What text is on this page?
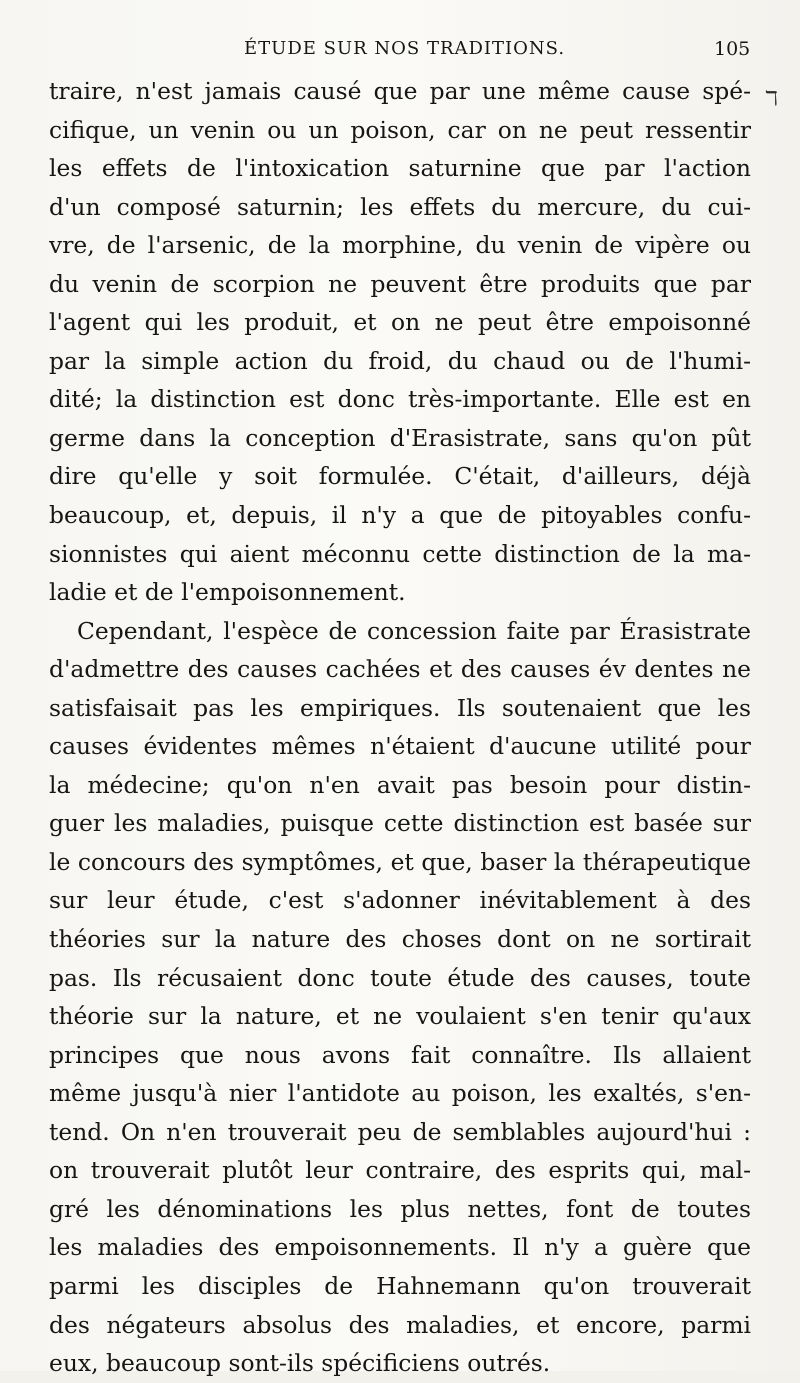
ÉTUDE SUR NOS TRADITIONS.	105
ℸ
traire, n'est jamais causé que par une même cause spé-
cifique, un venin ou un poison, car on ne peut ressentir
les effets de l'intoxication saturnine que par l'action
d'un composé saturnin; les effets du mercure, du cui-
vre, de l'arsenic, de la morphine, du venin de vipère ou
du venin de scorpion ne peuvent être produits que par
l'agent qui les produit, et on ne peut être empoisonné
par la simple action du froid, du chaud ou de l'humi-
dité; la distinction est donc très-importante. Elle est en
germe dans la conception d'Erasistrate, sans qu'on pût
dire qu'elle y soit formulée. C'était, d'ailleurs, déjà
beaucoup, et, depuis, il n'y a que de pitoyables confu-
sionnistes qui aient méconnu cette distinction de la ma-
ladie et de l'empoisonnement.
Cependant, l'espèce de concession faite par Érasistrate
d'admettre des causes cachées et des causes év dentes ne
satisfaisait pas les empiriques. Ils soutenaient que les
causes évidentes mêmes n'étaient d'aucune utilité pour
la médecine; qu'on n'en avait pas besoin pour distin-
guer les maladies, puisque cette distinction est basée sur
le concours des symptômes, et que, baser la thérapeutique
sur leur étude, c'est s'adonner inévitablement à des
théories sur la nature des choses dont on ne sortirait
pas. Ils récusaient donc toute étude des causes, toute
théorie sur la nature, et ne voulaient s'en tenir qu'aux
principes que nous avons fait connaître. Ils allaient
même jusqu'à nier l'antidote au poison, les exaltés, s'en-
tend. On n'en trouverait peu de semblables aujourd'hui :
on trouverait plutôt leur contraire, des esprits qui, mal-
gré les dénominations les plus nettes, font de toutes
les maladies des empoisonnements. Il n'y a guère que
parmi les disciples de Hahnemann qu'on trouverait
des négateurs absolus des maladies, et encore, parmi
eux, beaucoup sont-ils spécificiens outrés.
